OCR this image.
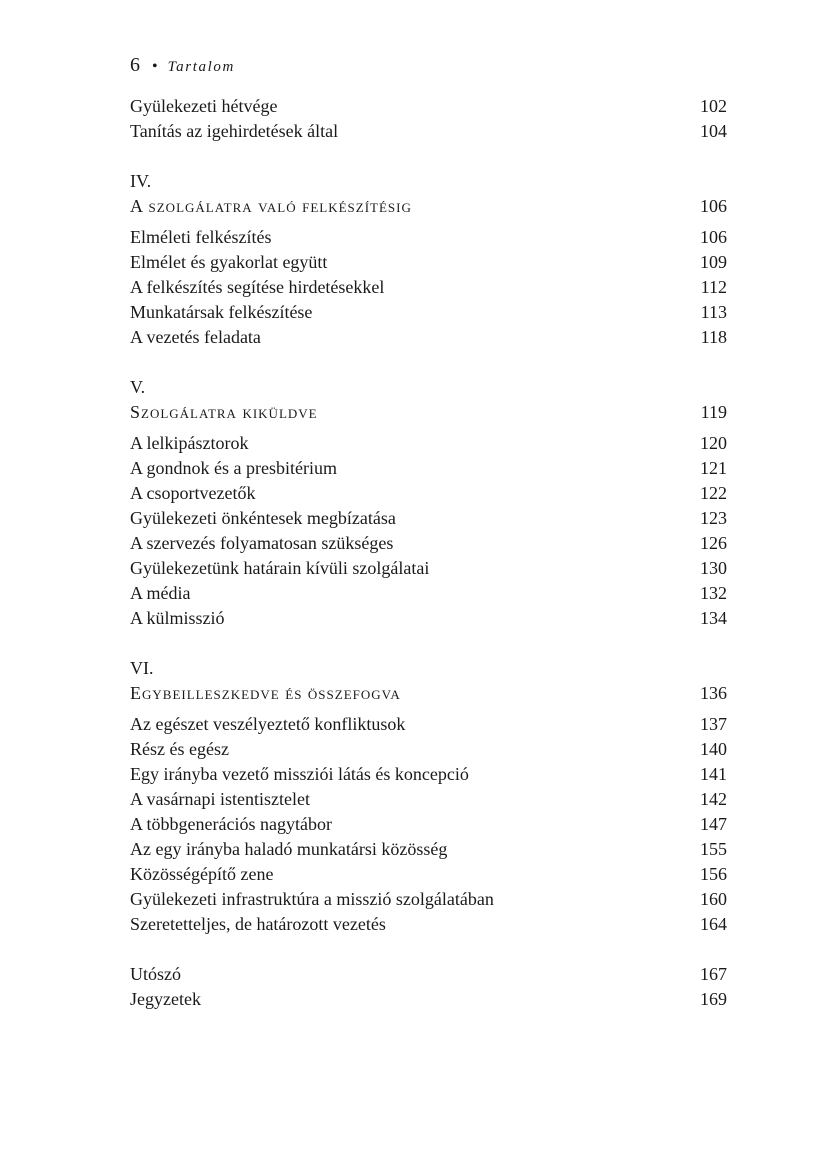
6 • Tartalom
Gyülekezeti hétvége	102
Tanítás az igehirdetések által	104
IV.
A szolgálatra való felkészítésig	106
Elméleti felkészítés	106
Elmélet és gyakorlat együtt	109
A felkészítés segítése hirdetésekkel	112
Munkatársak felkészítése	113
A vezetés feladata	118
V.
Szolgálatra kiküldve	119
A lelkipásztorok	120
A gondnok és a presbitérium	121
A csoportvezetők	122
Gyülekezeti önkéntesek megbízatása	123
A szervezés folyamatosan szükséges	126
Gyülekezetünk határain kívüli szolgálatai	130
A média	132
A külmisszió	134
VI.
Egybeilleszkedve és összefogva	136
Az egészet veszélyeztető konfliktusok	137
Rész és egész	140
Egy irányba vezető missziói látás és koncepció	141
A vasárnapi istentisztelet	142
A többgenerációs nagytábor	147
Az egy irányba haladó munkatársi közösség	155
Közösségépítő zene	156
Gyülekezeti infrastruktúra a misszió szolgálatában	160
Szeretetteljes, de határozott vezetés	164
Utószó	167
Jegyzetek	169
